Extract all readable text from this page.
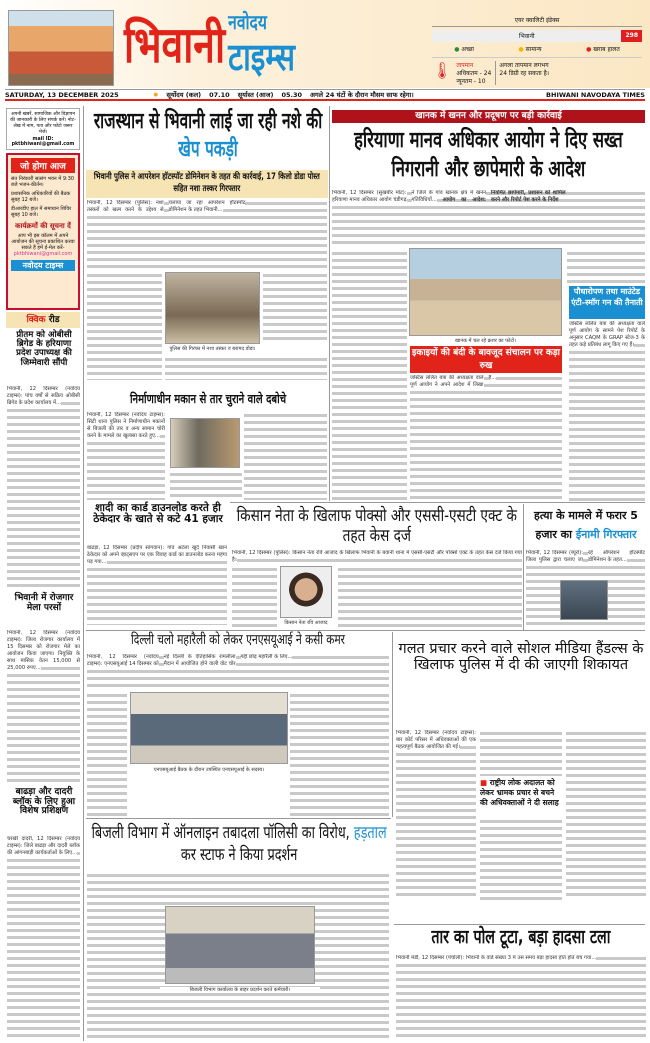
भिवानी नवोदय
टाइम्स
एयर क्वालिटी इंडेक्स
भिवानी	298
● अच्छा	● सामान्य	● खराब हालत
🌡 तापमान
अधिकतम - 24
न्यूनतम - 10
अगला तापमान लगभग 24 डिग्री रह सकता है।
SATURDAY, 13 DECEMBER 2025	✹ सूर्योदय (कल) 07.10 सूर्यास्त (आज) 05.30 अगले 24 घंटों के दौरान मौसम साफ रहेगा।	BHIWANI NAVODAYA TIMES
अपनी खबरें, सामाजिक और विज्ञापन की जानकारी के लिए संपर्क करें। नोट- लेख में नाम, पता और फोटो जरूर भेजें।
mail ID: pktbhiwani@gmail.com
जो होगा आज
संत निरंकारी सत्संग भवन में 9:30 बजे भजन-कीर्तन।
प्रशासनिक अधिकारियों की बैठक सुबह 12 बजे।
डीआरडीए हाल में समाधान शिविर सुबह 10 बजे।
कार्यक्रमों की सूचना दें
आप भी इस कॉलम में अपने आयोजन की सूचना प्रकाशित करवा सकते हैं हमें ई-मेल करें-
pktbhiwani@gmail.com
नवोदय टाइम्स
क्विक रीड
प्रीतम को ओबीसी ब्रिगेड के हरियाणा प्रदेश उपाध्यक्ष की जिम्मेवारी सौंपी
भिवानी, 12 दिसम्बर (नवोदय टाइम्स): पांच वर्षों से सक्रिय ओबीसी ब्रिगेड के प्रदेश कार्यालय में...
भिवानी में रोजगार मेला परसों
भिवानी, 12 दिसम्बर (नवोदय टाइम्स): जिला रोजगार कार्यालय में 15 दिसम्बर को रोजगार मेले का आयोजन किया जाएगा। नियुक्ति के साथ मासिक वेतन 15,000 से 25,000 रुपए...
बाढड़ा और दादरी ब्लॉक के लिए हुआ विशेष प्रशिक्षण
चरखी दादरी, 12 दिसम्बर (नवोदय टाइम्स): जिले बाढड़ा और दादरी ब्लॉक की आंगनबाड़ी कार्यकर्ताओं के लिए...
राजस्थान से भिवानी लाई जा रही नशे की खेप पकड़ी
भिवानी पुलिस ने आपरेशन हॉटस्पॉट डोमिनेशन के तहत की कार्रवाई, 17 किलो डोडा पोस्त सहित नशा तस्कर गिरफ्तार
भिवानी, 12 दिसम्बर (पुलिस): नशा तस्करों को खत्म करने के उद्देश्य से चलाया जा रहा आपरेशन हॉटस्पॉट डोमिनेशन के तहत भिवानी...
पुलिस की गिरफ्त में नशा तस्कर व बरामद डोडा।
निर्माणाधीन मकान से तार चुराने वाले दबोचे
भिवानी, 12 दिसम्बर (नवोदय टाइम्स): सिटी थाना पुलिस ने निर्माणाधीन मकानों से बिजली की तार व अन्य सामान चोरी करने के मामले का खुलासा करते हुए...
शादी का कार्ड डाउनलोड करते ही ठेकेदार के खाते से कटे 41 हजार
बाढड़ा, 12 दिसम्बर (प्रदीप सांगवान): गांव अटेला खुर्द निवासी खान ठेकेदार को अपने व्हाट्सएप पर एक विवाह कार्ड का डाउनलोड करना महंगा पड़ गया...
खानक में खनन और प्रदूषण पर बड़ी कार्रवाई
हरियाणा मानव अधिकार आयोग ने दिए सख्त निगरानी और छापेमारी के आदेश
भिवानी, 12 दिसम्बर (सुखबीर मोट): हरियाणा मानव अधिकार आयोग चंडीगढ़ ने जिले के गांव खानक क्षेत्र में खनन गतिविधियों... आयोग का आदेश: नियमित छापेमारी, प्रशासन को शामिल करने और रिपोर्ट पेश करने के निर्देश
खानक में चल रहे क्रशर का फोटो।
इकाइयों की बंदी के बावजूद संचालन पर कड़ा रुख
जस्टिस ललित बत्रा की अध्यक्षता वाले पूर्ण आयोग ने अपने आदेश में लिखा है...
पौधारोपण तथा माउंटेड एंटी-स्मॉग गन की तैनाती
जस्टिस ललित बत्रा की अध्यक्षता वाले पूर्ण आयोग के सामने पेश रिपोर्ट के अनुसार CAQM के GRAP स्टेज-3 के तहत कड़े प्रतिबंध लागू किए गए हैं।
किसान नेता के खिलाफ पोक्सो और एससी-एसटी एक्ट के तहत केस दर्ज
भिवानी, 12 दिसम्बर (पुलिस): किसान नेता रवि आजाद के खिलाफ भिवानी के बवानी थाना में एससी-एसटी और पोक्सो एक्ट के तहत केस दर्ज किया गया है।
किसान नेता रवि आजाद
हत्या के मामले में फरार 5 हजार का ईनामी गिरफ्तार
भिवानी, 12 दिसम्बर (ब्यूरो): जिला पुलिस द्वारा चलाए जा रहे ऑपरेशन हॉटस्पॉट डोमिनेशन के तहत...
दिल्ली चलो महारैली को लेकर एनएसयूआई ने कसी कमर
भिवानी, 12 दिसम्बर (नवोदय टाइम्स): एनएसयूआई 14 दिसम्बर को नई दिल्ली के ऐतिहासिक रामलीला मैदान में आयोजित होने वाली वोट चोर गद्दी छोड़ महारैली के लिए...
एनएसयूआई बैठक के दौरान उपस्थित एनएसयूआई के सदस्य।
गलत प्रचार करने वाले सोशल मीडिया हैंडल्स के खिलाफ पुलिस में दी की जाएगी शिकायत
भिवानी, 12 दिसम्बर (नवोदय टाइम्स): बार कोर्ट परिसर में अधिवक्ताओं की एक महत्वपूर्ण बैठक आयोजित की गई।
■ राष्ट्रीय लोक अदालत को लेकर भ्रामक प्रचार से बचने की अधिवक्ताओं ने दी सलाह
बिजली विभाग में ऑनलाइन तबादला पॉलिसी का विरोध, हड़ताल कर स्टाफ ने किया प्रदर्शन
बिजली विभाग कार्यालय के बाहर प्रदर्शन करते कर्मचारी।
तार का पोल टूटा, बड़ा हादसा टला
भिवानी मंडी, 12 दिसम्बर (पंचोली): भिवानी के वार्ड संख्या 3 में उस समय बड़ा हादसा होते होते बच गया...
